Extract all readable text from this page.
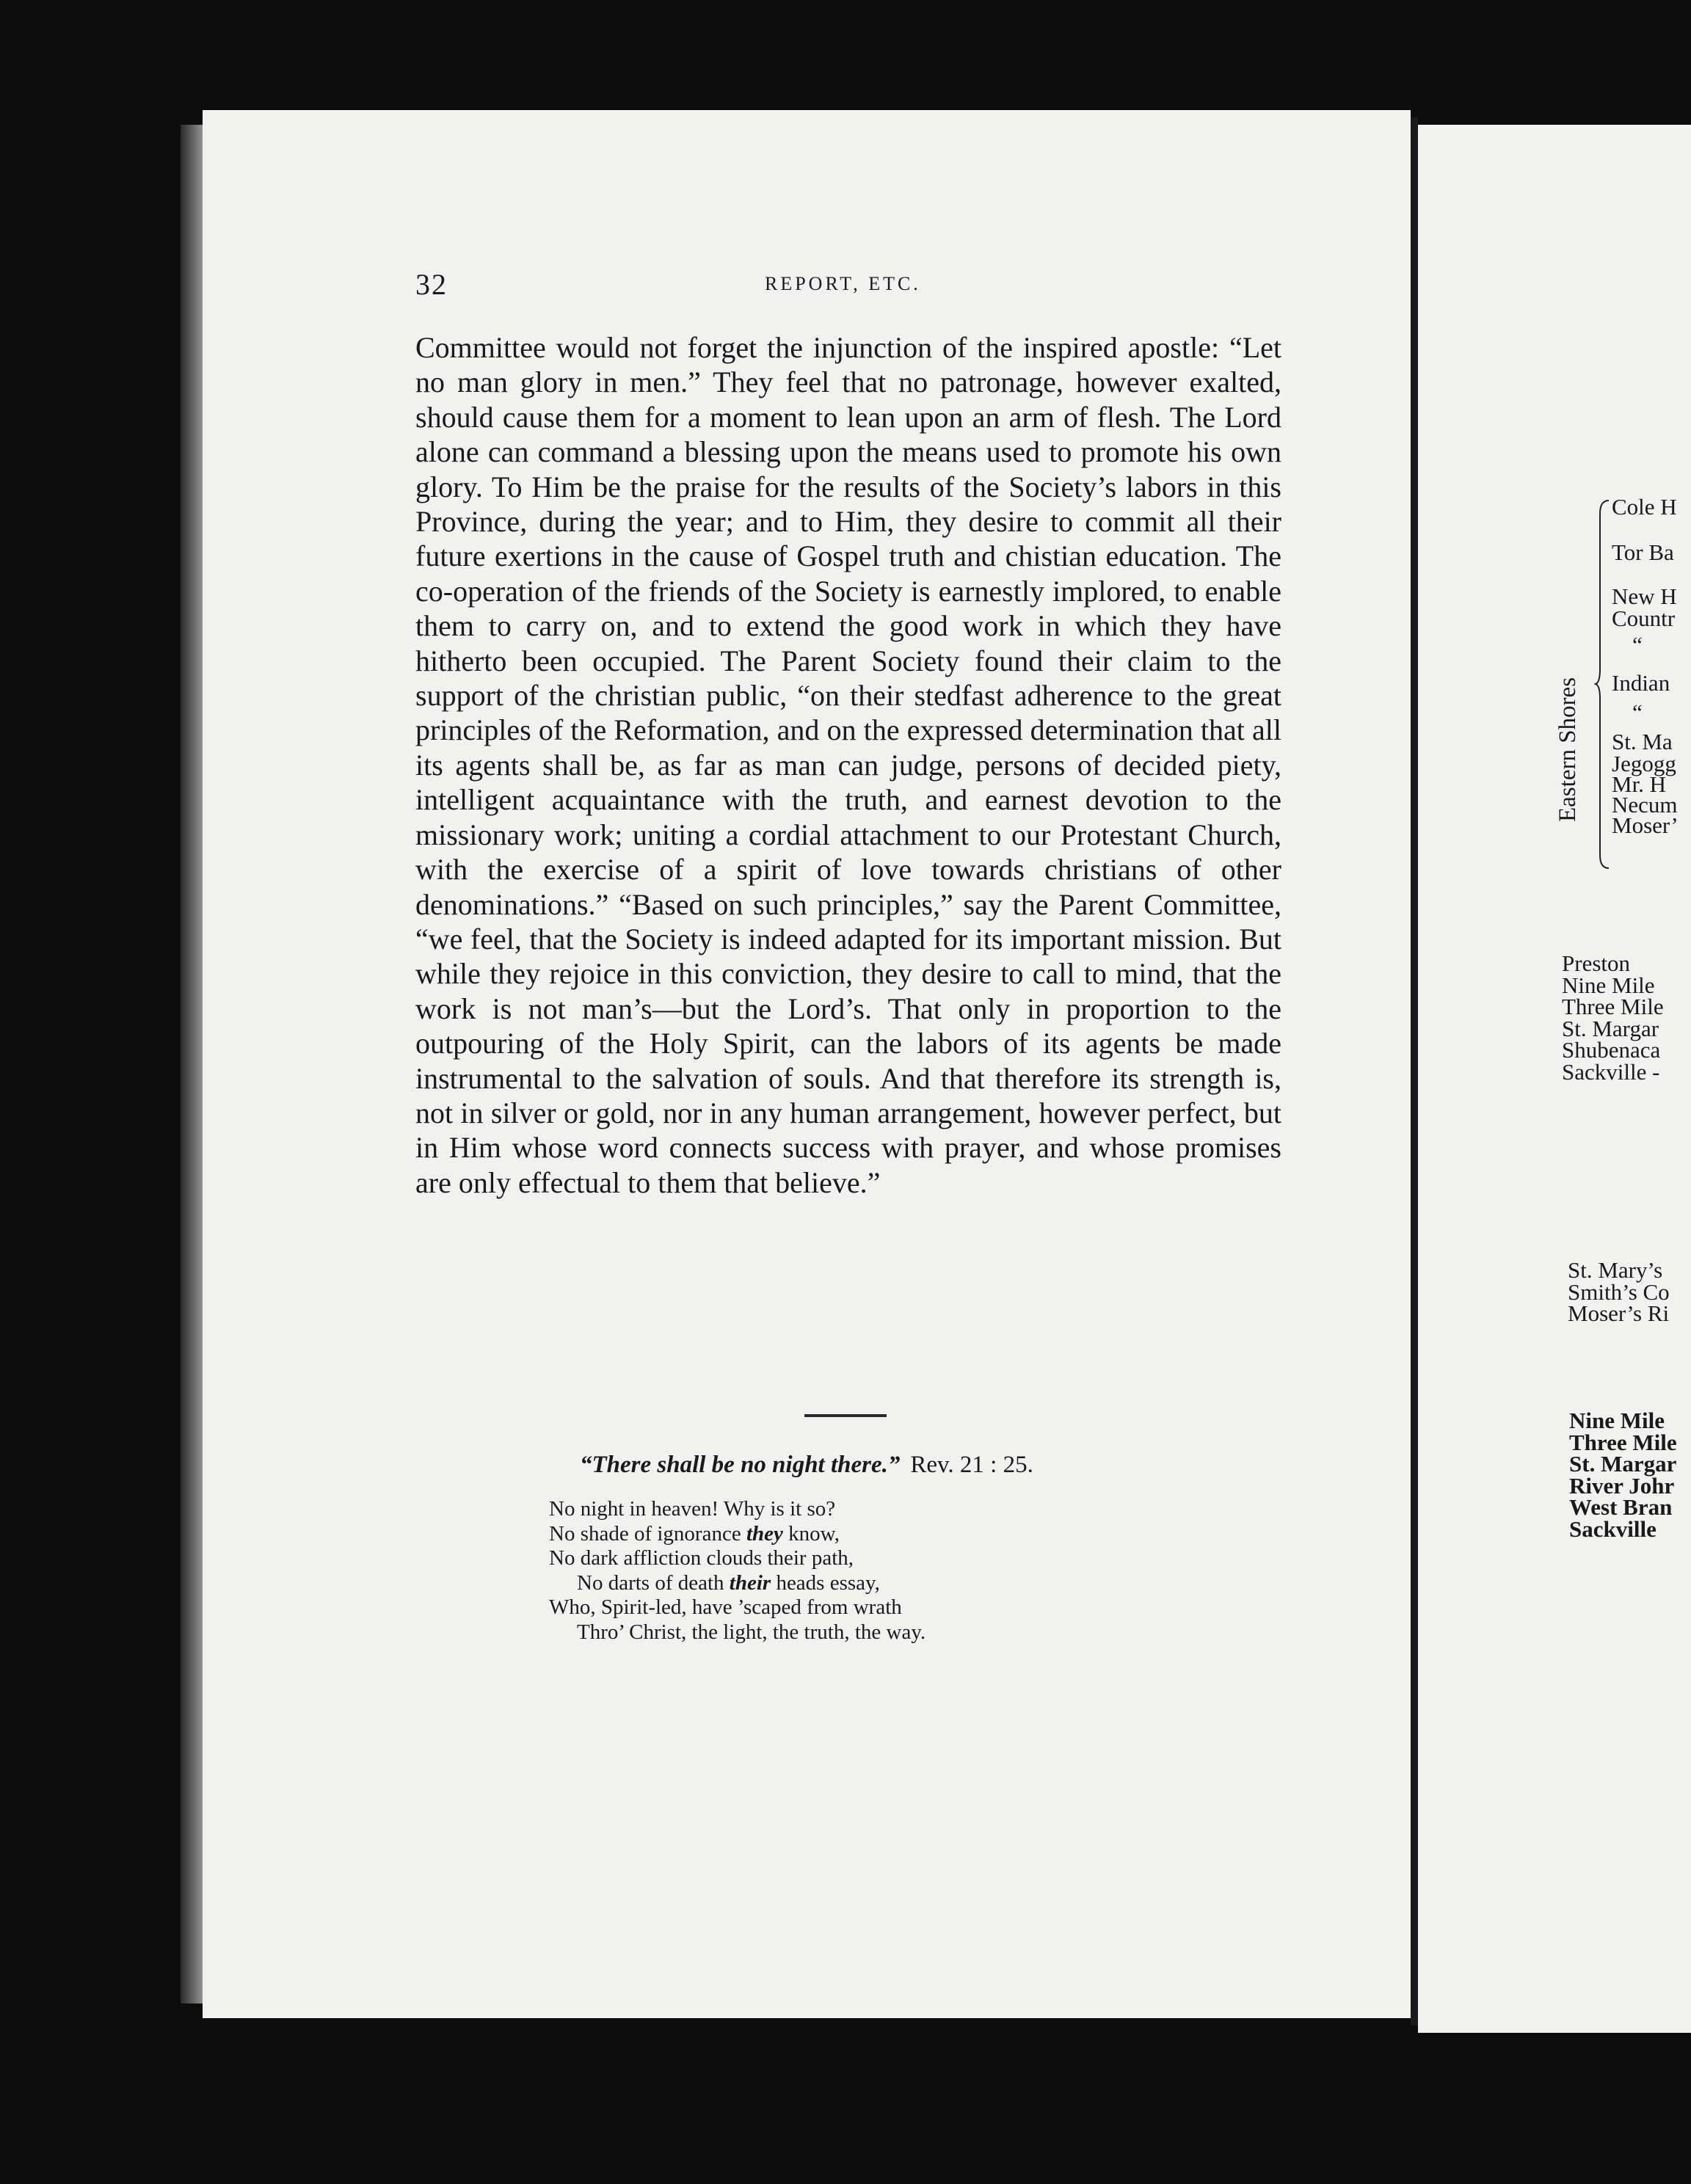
32	REPORT, ETC.

Committee would not forget the injunction of the inspired apostle: “Let no man glory in men.” They feel that no patronage, however exalted, should cause them for a moment to lean upon an arm of flesh. The Lord alone can command a blessing upon the means used to promote his own glory. To Him be the praise for the results of the Society’s labors in this Province, during the year; and to Him, they desire to commit all their future exertions in the cause of Gospel truth and chistian education. The co-operation of the friends of the Society is earnestly implored, to enable them to carry on, and to extend the good work in which they have hitherto been occupied. The Parent Society found their claim to the support of the christian public, “on their stedfast adherence to the great principles of the Reformation, and on the expressed determination that all its agents shall be, as far as man can judge, persons of decided piety, intelligent acquaintance with the truth, and earnest devotion to the missionary work; uniting a cordial attachment to our Protestant Church, with the exercise of a spirit of love towards christians of other denominations.” “Based on such principles,” say the Parent Committee, “we feel, that the Society is indeed adapted for its important mission. But while they rejoice in this conviction, they desire to call to mind, that the work is not man’s—but the Lord’s. That only in proportion to the outpouring of the Holy Spirit, can the labors of its agents be made instrumental to the salvation of souls. And that therefore its strength is, not in silver or gold, nor in any human arrangement, however perfect, but in Him whose word connects success with prayer, and whose promises are only effectual to them that believe.”

“There shall be no night there.” Rev. 21 : 25.
No night in heaven! Why is it so?
No shade of ignorance they know,
No dark affliction clouds their path,
No darts of death their heads essay,
Who, Spirit-led, have ’scaped from wrath
Thro’ Christ, the light, the truth, the way.
Cole H
Tor Ba
New H
Countr
“
Indian
“
St. Ma
Jegogg
Mr. H
Necum
Moser’
Preston
Nine Mile
Three Mile
St. Margar
Shubenaca
Sackville -
St. Mary’s
Smith’s Co
Moser’s Ri
Nine Mile
Three Mile
St. Margar
River Johr
West Bran
Sackville
